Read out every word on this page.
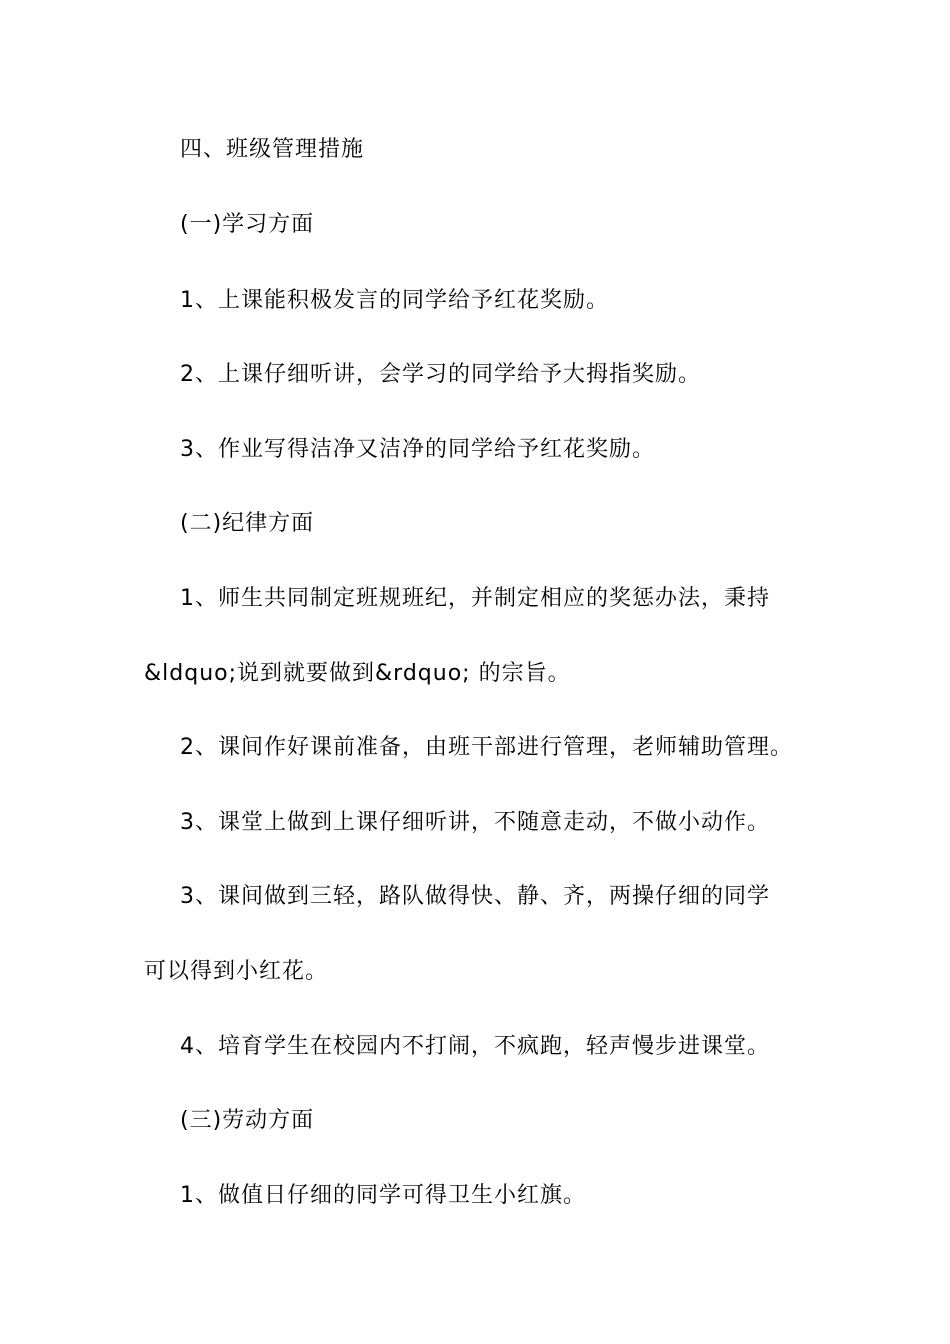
四、班级管理措施
(一)学习方面
1、上课能积极发言的同学给予红花奖励。
2、上课仔细听讲，会学习的同学给予大拇指奖励。
3、作业写得洁净又洁净的同学给予红花奖励。
(二)纪律方面
1、师生共同制定班规班纪，并制定相应的奖惩办法，秉持
&ldquo;说到就要做到&rdquo; 的宗旨。
2、课间作好课前准备，由班干部进行管理，老师辅助管理。
3、课堂上做到上课仔细听讲，不随意走动，不做小动作。
3、课间做到三轻，路队做得快、静、齐，两操仔细的同学
可以得到小红花。
4、培育学生在校园内不打闹，不疯跑，轻声慢步进课堂。
(三)劳动方面
1、做值日仔细的同学可得卫生小红旗。
